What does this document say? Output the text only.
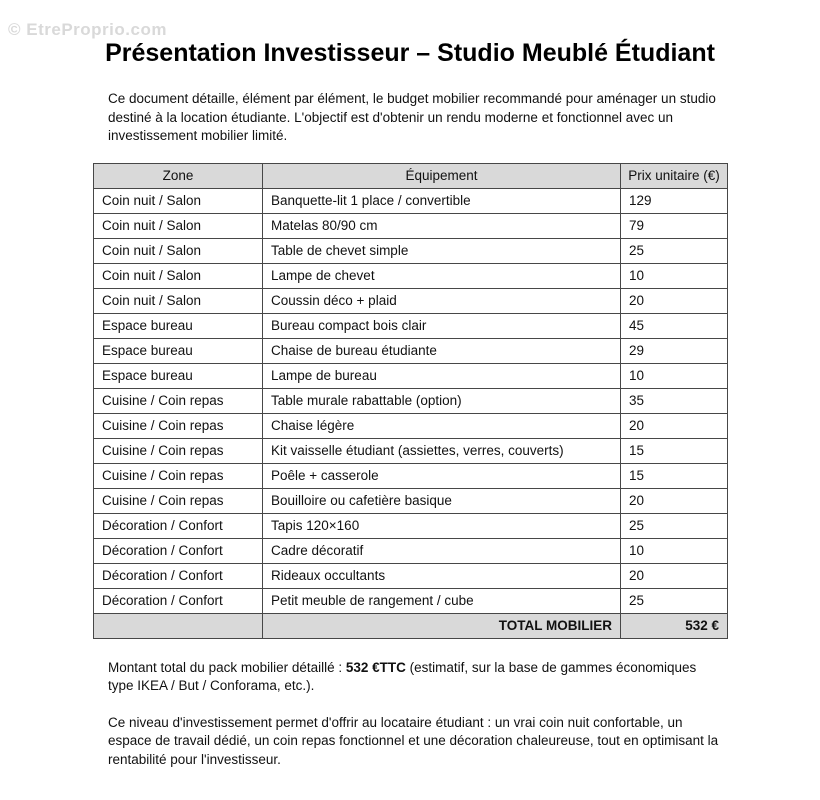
© EtreProprio.com
Présentation Investisseur – Studio Meublé Étudiant

Ce document détaille, élément par élément, le budget mobilier recommandé pour aménager un studio destiné à la location étudiante. L'objectif est d'obtenir un rendu moderne et fonctionnel avec un investissement mobilier limité.

Zone	Équipement	Prix unitaire (€)
Coin nuit / Salon	Banquette-lit 1 place / convertible	129
Coin nuit / Salon	Matelas 80/90 cm	79
Coin nuit / Salon	Table de chevet simple	25
Coin nuit / Salon	Lampe de chevet	10
Coin nuit / Salon	Coussin déco + plaid	20
Espace bureau	Bureau compact bois clair	45
Espace bureau	Chaise de bureau étudiante	29
Espace bureau	Lampe de bureau	10
Cuisine / Coin repas	Table murale rabattable (option)	35
Cuisine / Coin repas	Chaise légère	20
Cuisine / Coin repas	Kit vaisselle étudiant (assiettes, verres, couverts)	15
Cuisine / Coin repas	Poêle + casserole	15
Cuisine / Coin repas	Bouilloire ou cafetière basique	20
Décoration / Confort	Tapis 120×160	25
Décoration / Confort	Cadre décoratif	10
Décoration / Confort	Rideaux occultants	20
Décoration / Confort	Petit meuble de rangement / cube	25
	TOTAL MOBILIER	532 €

Montant total du pack mobilier détaillé : 532 €TTC (estimatif, sur la base de gammes économiques type IKEA / But / Conforama, etc.).

Ce niveau d'investissement permet d'offrir au locataire étudiant : un vrai coin nuit confortable, un espace de travail dédié, un coin repas fonctionnel et une décoration chaleureuse, tout en optimisant la rentabilité pour l'investisseur.
